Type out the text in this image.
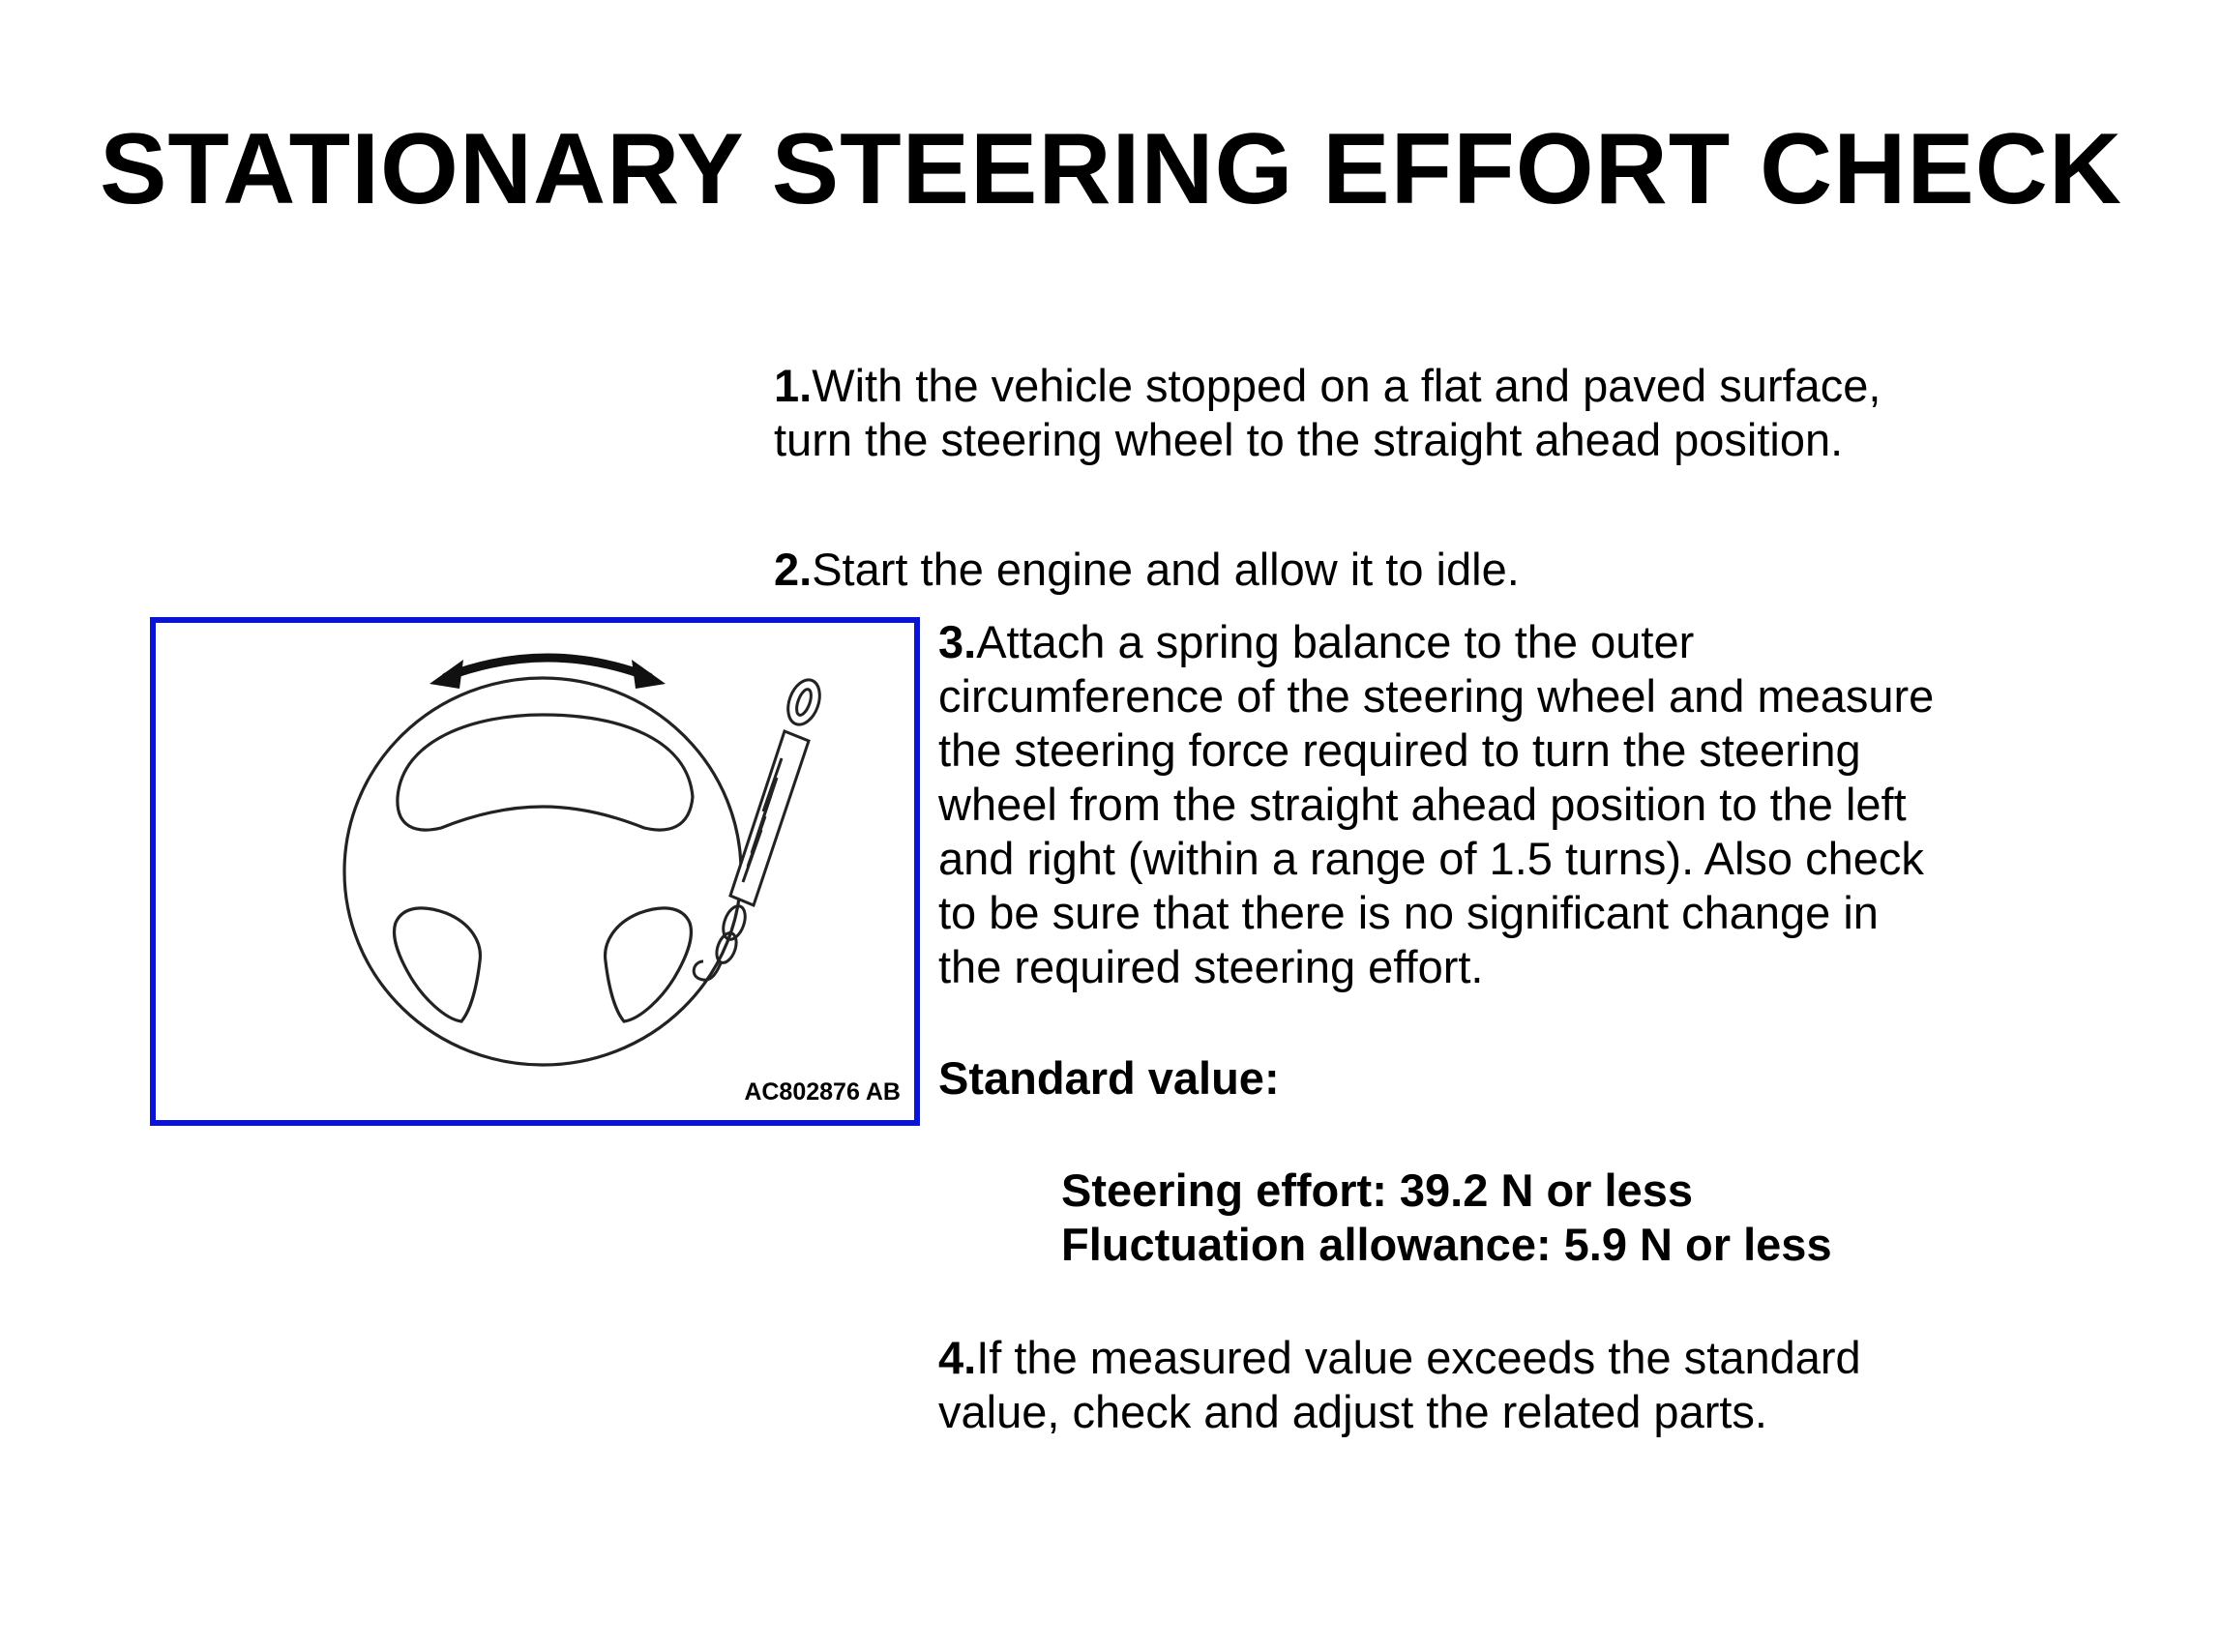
STATIONARY STEERING EFFORT CHECK
1.With the vehicle stopped on a flat and paved surface, turn the steering wheel to the straight ahead position.
2.Start the engine and allow it to idle.
AC802876 AB
3.Attach a spring balance to the outer circumference of the steering wheel and measure the steering force required to turn the steering wheel from the straight ahead position to the left and right (within a range of 1.5 turns). Also check to be sure that there is no significant change in the required steering effort.
Standard value:
Steering effort: 39.2 N or less
Fluctuation allowance: 5.9 N or less
4.If the measured value exceeds the standard value, check and adjust the related parts.
